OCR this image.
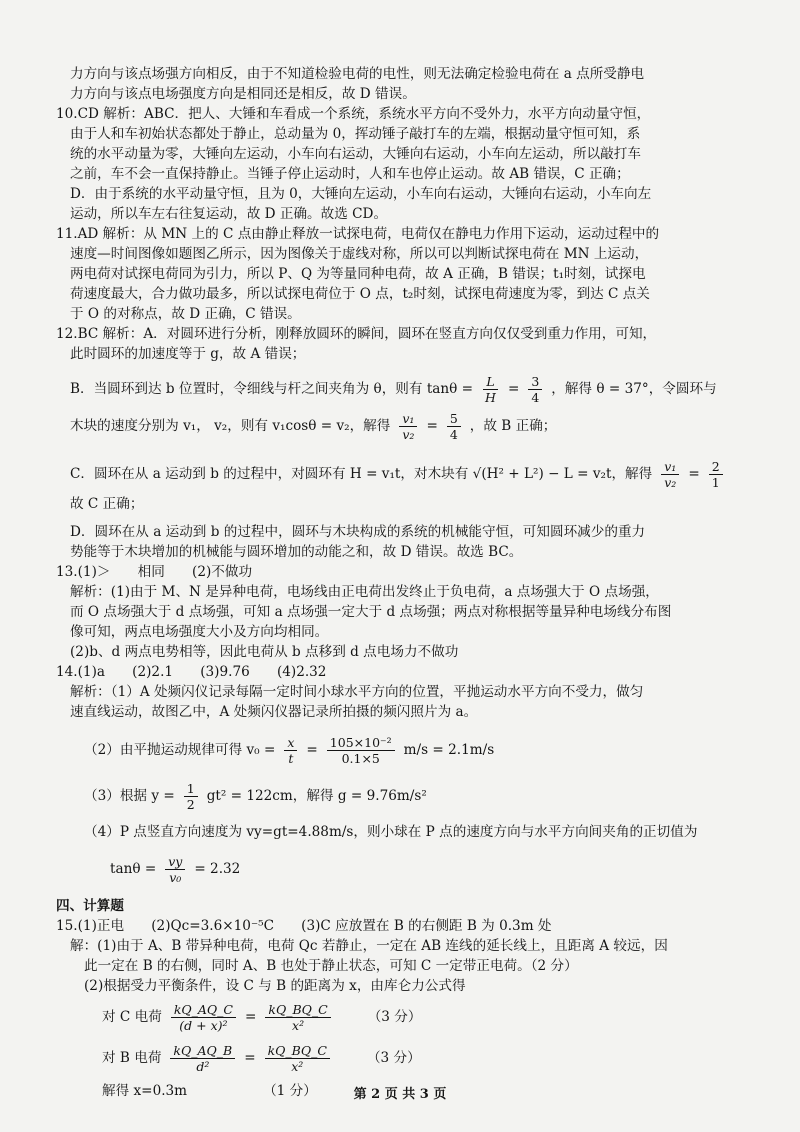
力方向与该点场强方向相反，由于不知道检验电荷的电性，则无法确定检验电荷在 a 点所受静电

力方向与该点电场强度方向是相同还是相反，故 D 错误。

10.CD 解析：ABC．把人、大锤和车看成一个系统，系统水平方向不受外力，水平方向动量守恒，

由于人和车初始状态都处于静止，总动量为 0，挥动锤子敲打车的左端，根据动量守恒可知，系

统的水平动量为零，大锤向左运动，小车向右运动，大锤向右运动，小车向左运动，所以敲打车

之前，车不会一直保持静止。当锤子停止运动时，人和车也停止运动。故 AB 错误，C 正确；

D．由于系统的水平动量守恒，且为 0，大锤向左运动，小车向右运动，大锤向右运动，小车向左

运动，所以车左右往复运动，故 D 正确。故选 CD。

11.AD 解析：从 MN 上的 C 点由静止释放一试探电荷，电荷仅在静电力作用下运动，运动过程中的

速度—时间图像如题图乙所示，因为图像关于虚线对称，所以可以判断试探电荷在 MN 上运动，

两电荷对试探电荷同为引力，所以 P、Q 为等量同种电荷，故 A 正确，B 错误；t₁时刻，试探电

荷速度最大，合力做功最多，所以试探电荷位于 O 点，t₂时刻，试探电荷速度为零，到达 C 点关

于 O 的对称点，故 D 正确，C 错误。

12.BC 解析：A．对圆环进行分析，刚释放圆环的瞬间，圆环在竖直方向仅仅受到重力作用，可知，

此时圆环的加速度等于 g，故 A 错误；

B．当圆环到达 b 位置时，令细线与杆之间夹角为 θ，则有 $\tan\theta = \frac{L}{H} = \frac{3}{4}$ ，解得 θ = 37°，令圆环与
木块的速度分别为 v₁， v₂，则有 v₁cosθ = v₂，解得 $\frac{\text{v₁}}{\text{v₂}} = \frac{5}{4}$ ，故 B 正确；
C．圆环在从 a 运动到 b 的过程中，对圆环有 H = v₁t，对木块有 √(H² + L²) − L = v₂t，解得 $\frac{\text{v₁}}{\text{v₂}} = \frac{2}{1}$

故 C 正确；

D．圆环在从 a 运动到 b 的过程中，圆环与木块构成的系统的机械能守恒，可知圆环减少的重力

势能等于木块增加的机械能与圆环增加的动能之和，故 D 错误。故选 BC。

13.(1)＞　　相同　　(2)不做功

解析：(1)由于 M、N 是异种电荷，电场线由正电荷出发终止于负电荷，a 点场强大于 O 点场强，

而 O 点场强大于 d 点场强，可知 a 点场强一定大于 d 点场强；两点对称根据等量异种电场线分布图

像可知，两点电场强度大小及方向均相同。

(2)b、d 两点电势相等，因此电荷从 b 点移到 d 点电场力不做功

14.(1)a　　(2)2.1　　(3)9.76　　(4)2.32

解析：（1）A 处频闪仪记录每隔一定时间小球水平方向的位置，平抛运动水平方向不受力，做匀

速直线运动，故图乙中，A 处频闪仪器记录所拍摄的频闪照片为 a。

（2）由平抛运动规律可得 $v_0 = \frac{x}{t} = \frac{\text{105×10⁻²}}{0.1\times 5} m/s = 2.1m/s$
（3）根据 $y = \frac{1}{2} gt^2 = 122cm$，解得 g = 9.76m/s²

（4）P 点竖直方向速度为 vy=gt=4.88m/s，则小球在 P 点的速度方向与水平方向间夹角的正切值为

$\tan\theta = \frac{vy}{\text{v₀}} = 2.32$

四、计算题

15.(1)正电　　(2)Qc=3.6×10⁻⁵C　　(3)C 应放置在 B 的右侧距 B 为 0.3m 处

解：(1)由于 A、B 带异种电荷，电荷 Qc 若静止，一定在 AB 连线的延长线上，且距离 A 较远，因

此一定在 B 的右侧，同时 A、B 也处于静止状态，可知 C 一定带正电荷。（2 分）

(2)根据受力平衡条件，设 C 与 B 的距离为 x，由库仑力公式得

对 C 电荷 $\frac{kQ\_AQ\_C}{\text{(d + x)²}} = \frac{kQ\_BQ\_C}{\text{x²}}$	（3 分）
对 B 电荷 $\frac{kQ\_AQ\_B}{\text{d²}} = \frac{kQ\_BQ\_C}{\text{x²}}$	（3 分）
解得 x=0.3m	（1 分）	第 2 页 共 3 页
